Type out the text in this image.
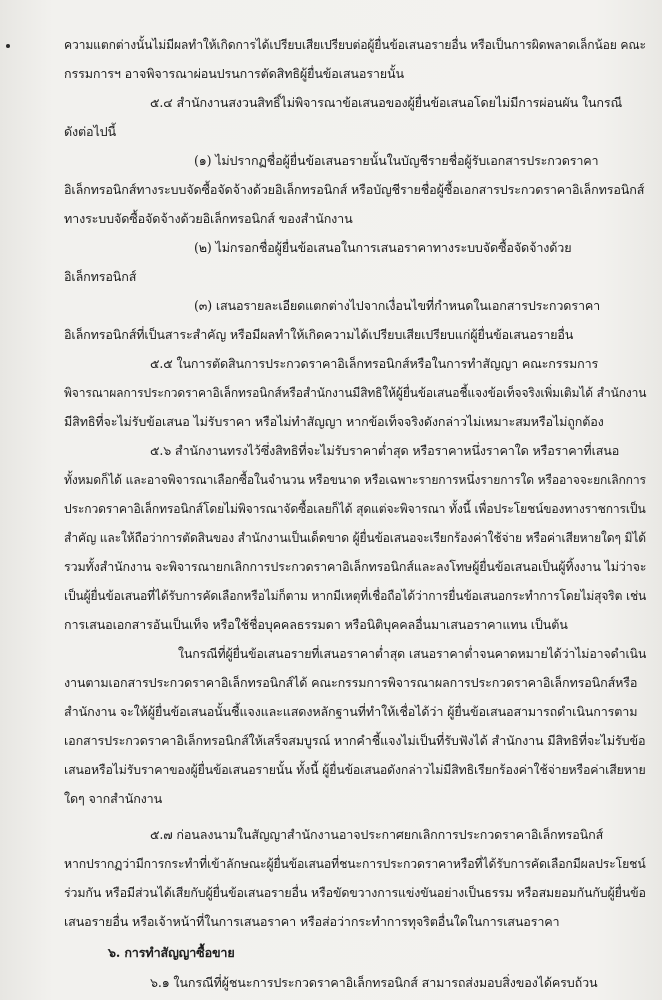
ความแตกต่างนั้นไม่มีผลทำให้เกิดการได้เปรียบเสียเปรียบต่อผู้ยื่นข้อเสนอรายอื่น หรือเป็นการผิดพลาดเล็กน้อย คณะ
กรรมการฯ อาจพิจารณาผ่อนปรนการตัดสิทธิผู้ยื่นข้อเสนอรายนั้น
๕.๔ สำนักงานสงวนสิทธิ์ไม่พิจารณาข้อเสนอของผู้ยื่นข้อเสนอโดยไม่มีการผ่อนผัน ในกรณี
ดังต่อไปนี้
(๑) ไม่ปรากฏชื่อผู้ยื่นข้อเสนอรายนั้นในบัญชีรายชื่อผู้รับเอกสารประกวดราคา
อิเล็กทรอนิกส์ทางระบบจัดซื้อจัดจ้างด้วยอิเล็กทรอนิกส์ หรือบัญชีรายชื่อผู้ซื้อเอกสารประกวดราคาอิเล็กทรอนิกส์
ทางระบบจัดซื้อจัดจ้างด้วยอิเล็กทรอนิกส์ ของสำนักงาน
(๒) ไม่กรอกชื่อผู้ยื่นข้อเสนอในการเสนอราคาทางระบบจัดซื้อจัดจ้างด้วย
อิเล็กทรอนิกส์
(๓) เสนอรายละเอียดแตกต่างไปจากเงื่อนไขที่กำหนดในเอกสารประกวดราคา
อิเล็กทรอนิกส์ที่เป็นสาระสำคัญ หรือมีผลทำให้เกิดความได้เปรียบเสียเปรียบแก่ผู้ยื่นข้อเสนอรายอื่น
๕.๕ ในการตัดสินการประกวดราคาอิเล็กทรอนิกส์หรือในการทำสัญญา คณะกรรมการ
พิจารณาผลการประกวดราคาอิเล็กทรอนิกส์หรือสำนักงานมีสิทธิให้ผู้ยื่นข้อเสนอชี้แจงข้อเท็จจริงเพิ่มเติมได้ สำนักงาน
มีสิทธิที่จะไม่รับข้อเสนอ ไม่รับราคา หรือไม่ทำสัญญา หากข้อเท็จจริงดังกล่าวไม่เหมาะสมหรือไม่ถูกต้อง
๕.๖ สำนักงานทรงไว้ซึ่งสิทธิที่จะไม่รับราคาต่ำสุด หรือราคาหนึ่งราคาใด หรือราคาที่เสนอ
ทั้งหมดก็ได้ และอาจพิจารณาเลือกซื้อในจำนวน หรือขนาด หรือเฉพาะรายการหนึ่งรายการใด หรืออาจจะยกเลิกการ
ประกวดราคาอิเล็กทรอนิกส์โดยไม่พิจารณาจัดซื้อเลยก็ได้ สุดแต่จะพิจารณา ทั้งนี้ เพื่อประโยชน์ของทางราชการเป็น
สำคัญ และให้ถือว่าการตัดสินของ สำนักงานเป็นเด็ดขาด ผู้ยื่นข้อเสนอจะเรียกร้องค่าใช้จ่าย หรือค่าเสียหายใดๆ มิได้
รวมทั้งสำนักงาน จะพิจารณายกเลิกการประกวดราคาอิเล็กทรอนิกส์และลงโทษผู้ยื่นข้อเสนอเป็นผู้ทิ้งงาน ไม่ว่าจะ
เป็นผู้ยื่นข้อเสนอที่ได้รับการคัดเลือกหรือไม่ก็ตาม หากมีเหตุที่เชื่อถือได้ว่าการยื่นข้อเสนอกระทำการโดยไม่สุจริต เช่น
การเสนอเอกสารอันเป็นเท็จ หรือใช้ชื่อบุคคลธรรมดา หรือนิติบุคคลอื่นมาเสนอราคาแทน เป็นต้น
ในกรณีที่ผู้ยื่นข้อเสนอรายที่เสนอราคาต่ำสุด เสนอราคาต่ำจนคาดหมายได้ว่าไม่อาจดำเนิน
งานตามเอกสารประกวดราคาอิเล็กทรอนิกส์ได้ คณะกรรมการพิจารณาผลการประกวดราคาอิเล็กทรอนิกส์หรือ
สำนักงาน จะให้ผู้ยื่นข้อเสนอนั้นชี้แจงและแสดงหลักฐานที่ทำให้เชื่อได้ว่า ผู้ยื่นข้อเสนอสามารถดำเนินการตาม
เอกสารประกวดราคาอิเล็กทรอนิกส์ให้เสร็จสมบูรณ์ หากคำชี้แจงไม่เป็นที่รับฟังได้ สำนักงาน มีสิทธิที่จะไม่รับข้อ
เสนอหรือไม่รับราคาของผู้ยื่นข้อเสนอรายนั้น ทั้งนี้ ผู้ยื่นข้อเสนอดังกล่าวไม่มีสิทธิเรียกร้องค่าใช้จ่ายหรือค่าเสียหาย
ใดๆ จากสำนักงาน
๕.๗ ก่อนลงนามในสัญญาสำนักงานอาจประกาศยกเลิกการประกวดราคาอิเล็กทรอนิกส์
หากปรากฏว่ามีการกระทำที่เข้าลักษณะผู้ยื่นข้อเสนอที่ชนะการประกวดราคาหรือที่ได้รับการคัดเลือกมีผลประโยชน์
ร่วมกัน หรือมีส่วนได้เสียกับผู้ยื่นข้อเสนอรายอื่น หรือขัดขวางการแข่งขันอย่างเป็นธรรม หรือสมยอมกันกับผู้ยื่นข้อ
เสนอรายอื่น หรือเจ้าหน้าที่ในการเสนอราคา หรือส่อว่ากระทำการทุจริตอื่นใดในการเสนอราคา
๖. การทำสัญญาซื้อขาย
๖.๑ ในกรณีที่ผู้ชนะการประกวดราคาอิเล็กทรอนิกส์ สามารถส่งมอบสิ่งของได้ครบถ้วน
